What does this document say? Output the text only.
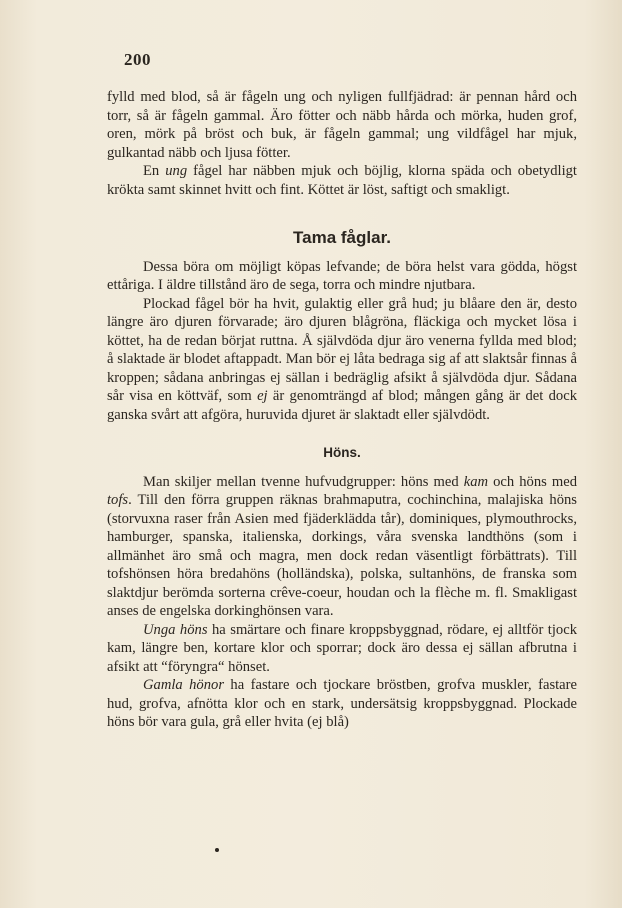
200

fylld med blod, så är fågeln ung och nyligen fullfjädrad: är pennan hård och torr, så är fågeln gammal. Äro fötter och näbb hårda och mörka, huden grof, oren, mörk på bröst och buk, är fågeln gammal; ung vildfågel har mjuk, gulkantad näbb och ljusa fötter.

En ung fågel har näbben mjuk och böjlig, klorna späda och obetydligt krökta samt skinnet hvitt och fint. Köttet är löst, saftigt och smakligt.

Tama fåglar.

Dessa böra om möjligt köpas lefvande; de böra helst vara gödda, högst ettåriga. I äldre tillstånd äro de sega, torra och mindre njutbara.

Plockad fågel bör ha hvit, gulaktig eller grå hud; ju blåare den är, desto längre äro djuren förvarade; äro djuren blågröna, fläckiga och mycket lösa i köttet, ha de redan börjat ruttna. Å självdöda djur äro venerna fyllda med blod; å slaktade är blodet aftappadt. Man bör ej låta bedraga sig af att slaktsår finnas å kroppen; sådana anbringas ej sällan i bedräglig afsikt å självdöda djur. Sådana sår visa en köttväf, som ej är genomträngd af blod; mången gång är det dock ganska svårt att afgöra, huruvida djuret är slaktadt eller självdödt.

Höns.

Man skiljer mellan tvenne hufvudgrupper: höns med kam och höns med tofs. Till den förra gruppen räknas brahmaputra, cochinchina, malajiska höns (storvuxna raser från Asien med fjäderklädda tår), dominiques, plymouthrocks, hamburger, spanska, italienska, dorkings, våra svenska landthöns (som i allmänhet äro små och magra, men dock redan väsentligt förbättrats). Till tofshönsen höra bredahöns (holländska), polska, sultanhöns, de franska som slaktdjur berömda sorterna crêve-coeur, houdan och la flèche m. fl. Smakligast anses de engelska dorkinghönsen vara.

Unga höns ha smärtare och finare kroppsbyggnad, rödare, ej alltför tjock kam, längre ben, kortare klor och sporrar; dock äro dessa ej sällan afbrutna i afsikt att “föryngra“ hönset.

Gamla hönor ha fastare och tjockare bröstben, grofva muskler, fastare hud, grofva, afnötta klor och en stark, undersätsig kroppsbyggnad. Plockade höns bör vara gula, grå eller hvita (ej blå)
